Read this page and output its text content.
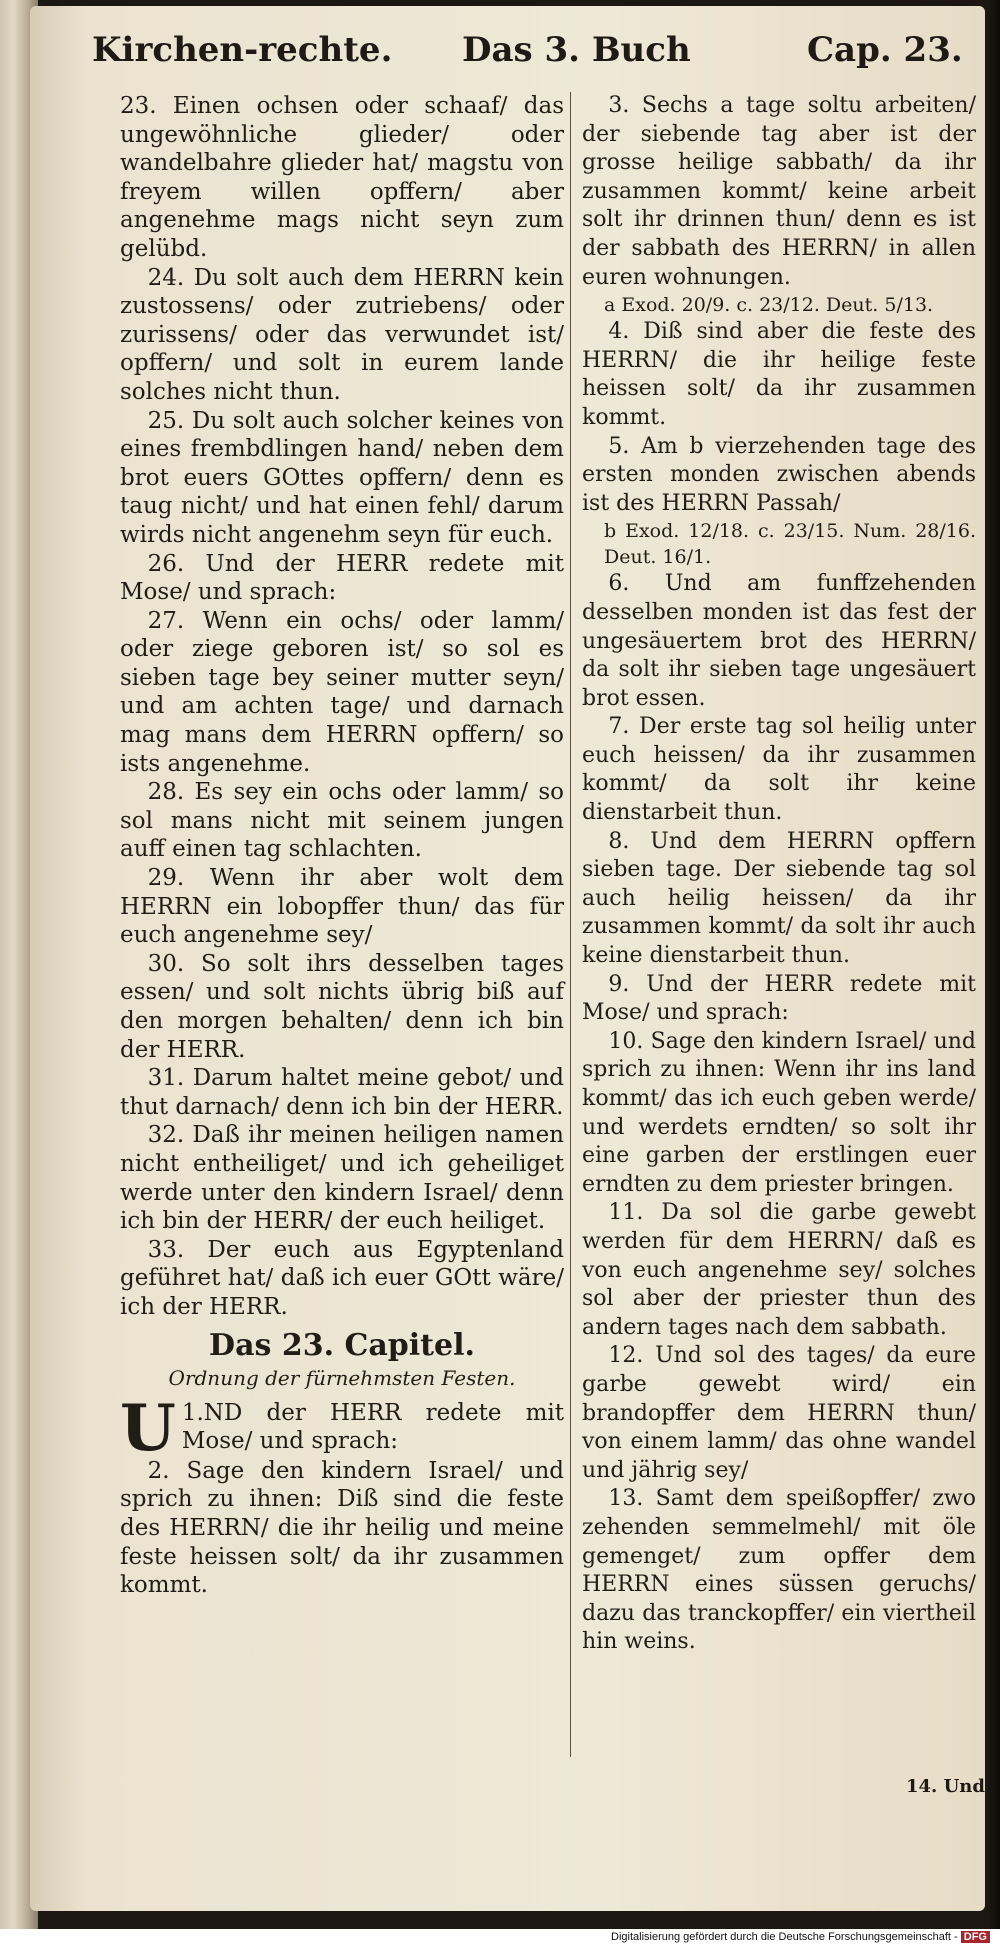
Kirchen-rechte. Das 3. Buch	Cap. 23.

23. Einen ochsen oder schaaf/ das ungewöhnliche glieder/ oder wandelbahre glieder hat/ magstu von freyem willen opffern/ aber angenehme mags nicht seyn zum gelübd.

24. Du solt auch dem HERRN kein zustossens/ oder zutriebens/ oder zurissens/ oder das verwundet ist/ opffern/ und solt in eurem lande solches nicht thun.

25. Du solt auch solcher keines von eines frembdlingen hand/ neben dem brot euers GOttes opffern/ denn es taug nicht/ und hat einen fehl/ darum wirds nicht angenehm seyn für euch.

26. Und der HERR redete mit Mose/ und sprach:

27. Wenn ein ochs/ oder lamm/ oder ziege geboren ist/ so sol es sieben tage bey seiner mutter seyn/ und am achten tage/ und darnach mag mans dem HERRN opffern/ so ists angenehme.

28. Es sey ein ochs oder lamm/ so sol mans nicht mit seinem jungen auff einen tag schlachten.

29. Wenn ihr aber wolt dem HERRN ein lobopffer thun/ das für euch angenehme sey/

30. So solt ihrs desselben tages essen/ und solt nichts übrig biß auf den morgen behalten/ denn ich bin der HERR.

31. Darum haltet meine gebot/ und thut darnach/ denn ich bin der HERR.

32. Daß ihr meinen heiligen namen nicht entheiliget/ und ich geheiliget werde unter den kindern Israel/ denn ich bin der HERR/ der euch heiliget.

33. Der euch aus Egyptenland geführet hat/ daß ich euer GOtt wäre/ ich der HERR.

Das 23. Capitel.
Ordnung der fürnehmsten Festen.

1.
U ND der HERR redete mit Mose/ und sprach:

2. Sage den kindern Israel/ und sprich zu ihnen: Diß sind die feste des HERRN/ die ihr heilig und meine feste heissen solt/ da ihr zusammen kommt.

3. Sechs a tage soltu arbeiten/ der siebende tag aber ist der grosse heilige sabbath/ da ihr zusammen kommt/ keine arbeit solt ihr drinnen thun/ denn es ist der sabbath des HERRN/ in allen euren wohnungen.

a Exod. 20/9. c. 23/12. Deut. 5/13.

4. Diß sind aber die feste des HERRN/ die ihr heilige feste heissen solt/ da ihr zusammen kommt.

5. Am b vierzehenden tage des ersten monden zwischen abends ist des HERRN Passah/

b Exod. 12/18. c. 23/15. Num. 28/16. Deut. 16/1.

6. Und am funffzehenden desselben monden ist das fest der ungesäuertem brot des HERRN/ da solt ihr sieben tage ungesäuert brot essen.

7. Der erste tag sol heilig unter euch heissen/ da ihr zusammen kommt/ da solt ihr keine dienstarbeit thun.

8. Und dem HERRN opffern sieben tage. Der siebende tag sol auch heilig heissen/ da ihr zusammen kommt/ da solt ihr auch keine dienstarbeit thun.

9. Und der HERR redete mit Mose/ und sprach:

10. Sage den kindern Israel/ und sprich zu ihnen: Wenn ihr ins land kommt/ das ich euch geben werde/ und werdets erndten/ so solt ihr eine garben der erstlingen euer erndten zu dem priester bringen.

11. Da sol die garbe gewebt werden für dem HERRN/ daß es von euch angenehme sey/ solches sol aber der priester thun des andern tages nach dem sabbath.

12. Und sol des tages/ da eure garbe gewebt wird/ ein brandopffer dem HERRN thun/ von einem lamm/ das ohne wandel und jährig sey/

13. Samt dem speißopffer/ zwo zehenden semmelmehl/ mit öle gemenget/ zum opffer dem HERRN eines süssen geruchs/ dazu das tranckopffer/ ein viertheil hin weins.

14. Und
Digitalisierung gefördert durch die Deutsche Forschungsgemeinschaft - DFG
